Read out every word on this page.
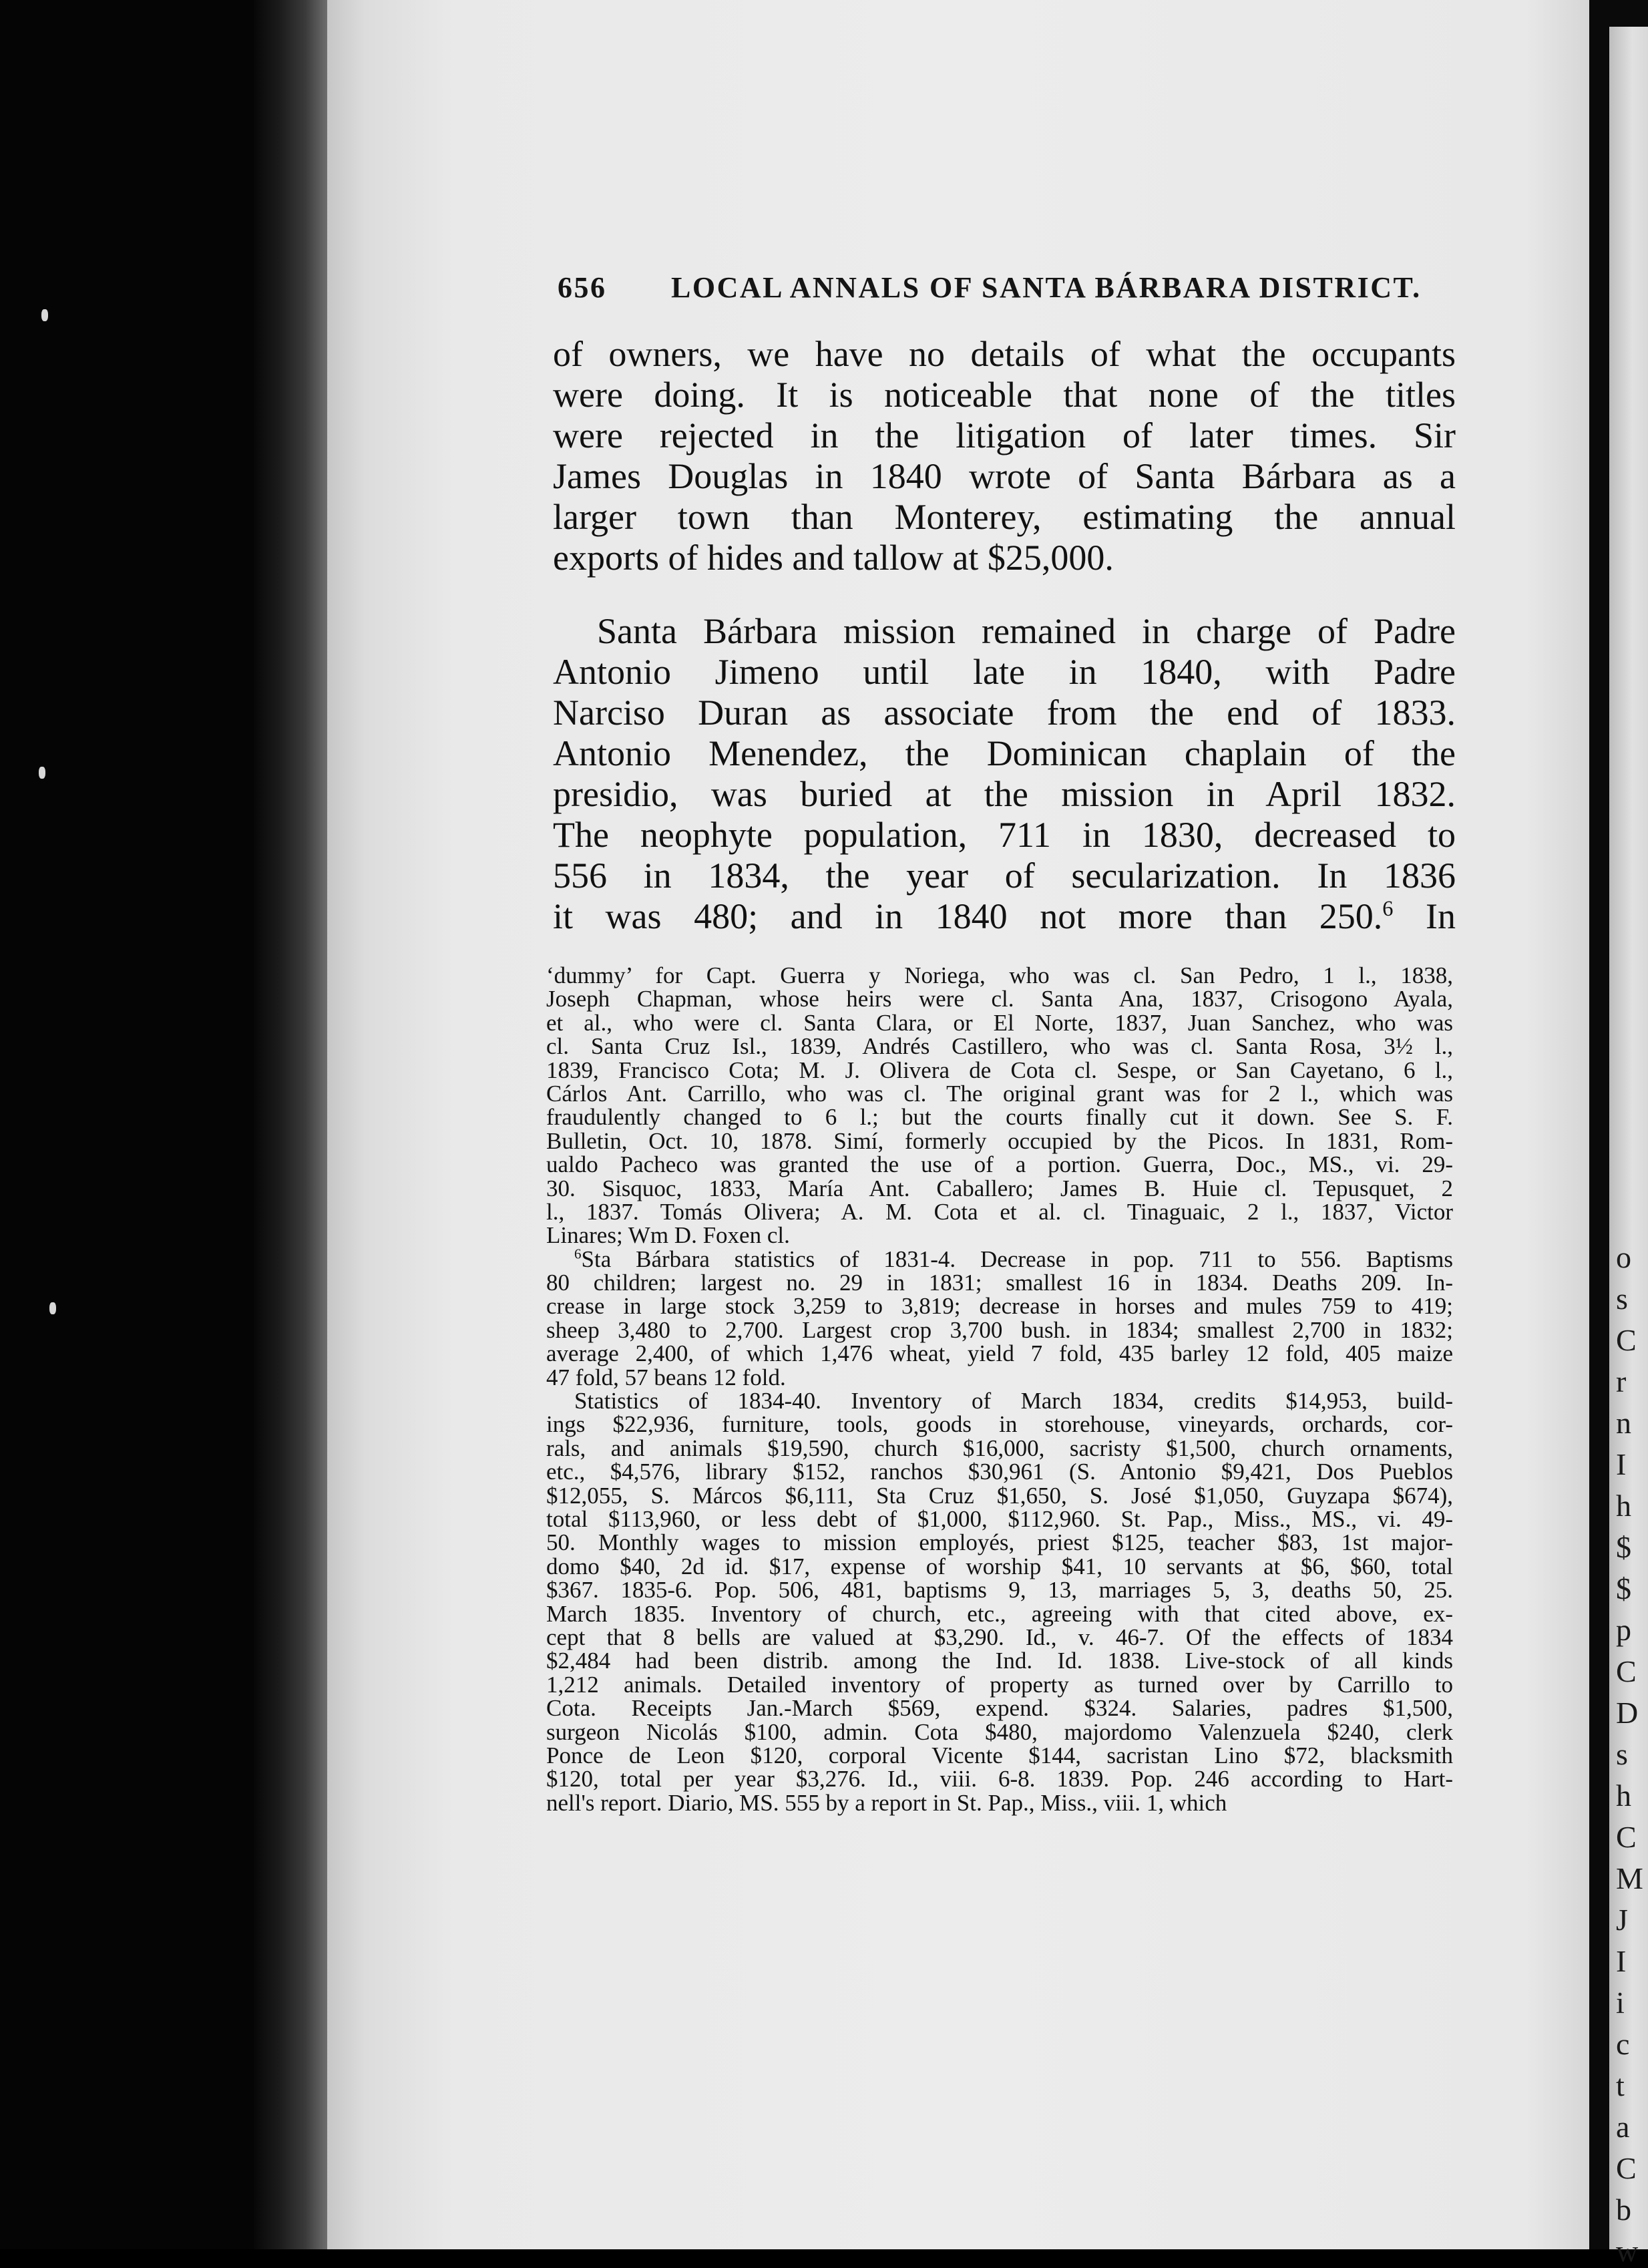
o
s
C
r
n
I
h
$
$
p
C
D
s
h
C
M
J
I
i
c
t
a
C
b
w
656 LOCAL ANNALS OF SANTA BÁRBARA DISTRICT.
of owners, we have no details of what the occupants
were doing. It is noticeable that none of the titles
were rejected in the litigation of later times. Sir
James Douglas in 1840 wrote of Santa Bárbara as a
larger town than Monterey, estimating the annual
exports of hides and tallow at $25,000.
Santa Bárbara mission remained in charge of Padre
Antonio Jimeno until late in 1840, with Padre
Narciso Duran as associate from the end of 1833.
Antonio Menendez, the Dominican chaplain of the
presidio, was buried at the mission in April 1832.
The neophyte population, 711 in 1830, decreased to
556 in 1834, the year of secularization. In 1836
it was 480; and in 1840 not more than 250.$^6$ In
‘dummy’ for Capt. Guerra y Noriega, who was cl. San Pedro, 1 l., 1838,
Joseph Chapman, whose heirs were cl. Santa Ana, 1837, Crisogono Ayala,
et al., who were cl. Santa Clara, or El Norte, 1837, Juan Sanchez, who was
cl. Santa Cruz Isl., 1839, Andrés Castillero, who was cl. Santa Rosa, 3½ l.,
1839, Francisco Cota; M. J. Olivera de Cota cl. Sespe, or San Cayetano, 6 l.,
Cárlos Ant. Carrillo, who was cl. The original grant was for 2 l., which was
fraudulently changed to 6 l.; but the courts finally cut it down. See S. F.
Bulletin, Oct. 10, 1878. Simí, formerly occupied by the Picos. In 1831, Rom-
ualdo Pacheco was granted the use of a portion. Guerra, Doc., MS., vi. 29-
30. Sisquoc, 1833, María Ant. Caballero; James B. Huie cl. Tepusquet, 2
l., 1837. Tomás Olivera; A. M. Cota et al. cl. Tinaguaic, 2 l., 1837, Victor
Linares; Wm D. Foxen cl.
$^6$Sta Bárbara statistics of 1831-4. Decrease in pop. 711 to 556. Baptisms
80 children; largest no. 29 in 1831; smallest 16 in 1834. Deaths 209. In-
crease in large stock 3,259 to 3,819; decrease in horses and mules 759 to 419;
sheep 3,480 to 2,700. Largest crop 3,700 bush. in 1834; smallest 2,700 in 1832;
average 2,400, of which 1,476 wheat, yield 7 fold, 435 barley 12 fold, 405 maize
47 fold, 57 beans 12 fold.
Statistics of 1834-40. Inventory of March 1834, credits $14,953, build-
ings $22,936, furniture, tools, goods in storehouse, vineyards, orchards, cor-
rals, and animals $19,590, church $16,000, sacristy $1,500, church ornaments,
etc., $4,576, library $152, ranchos $30,961 (S. Antonio $9,421, Dos Pueblos
$12,055, S. Márcos $6,111, Sta Cruz $1,650, S. José $1,050, Guyzapa $674),
total $113,960, or less debt of $1,000, $112,960. St. Pap., Miss., MS., vi. 49-
50. Monthly wages to mission employés, priest $125, teacher $83, 1st major-
domo $40, 2d id. $17, expense of worship $41, 10 servants at $6, $60, total
$367. 1835-6. Pop. 506, 481, baptisms 9, 13, marriages 5, 3, deaths 50, 25.
March 1835. Inventory of church, etc., agreeing with that cited above, ex-
cept that 8 bells are valued at $3,290. Id., v. 46-7. Of the effects of 1834
$2,484 had been distrib. among the Ind. Id. 1838. Live-stock of all kinds
1,212 animals. Detailed inventory of property as turned over by Carrillo to
Cota. Receipts Jan.-March $569, expend. $324. Salaries, padres $1,500,
surgeon Nicolás $100, admin. Cota $480, majordomo Valenzuela $240, clerk
Ponce de Leon $120, corporal Vicente $144, sacristan Lino $72, blacksmith
$120, total per year $3,276. Id., viii. 6-8. 1839. Pop. 246 according to Hart-
nell's report. Diario, MS. 555 by a report in St. Pap., Miss., viii. 1, which
